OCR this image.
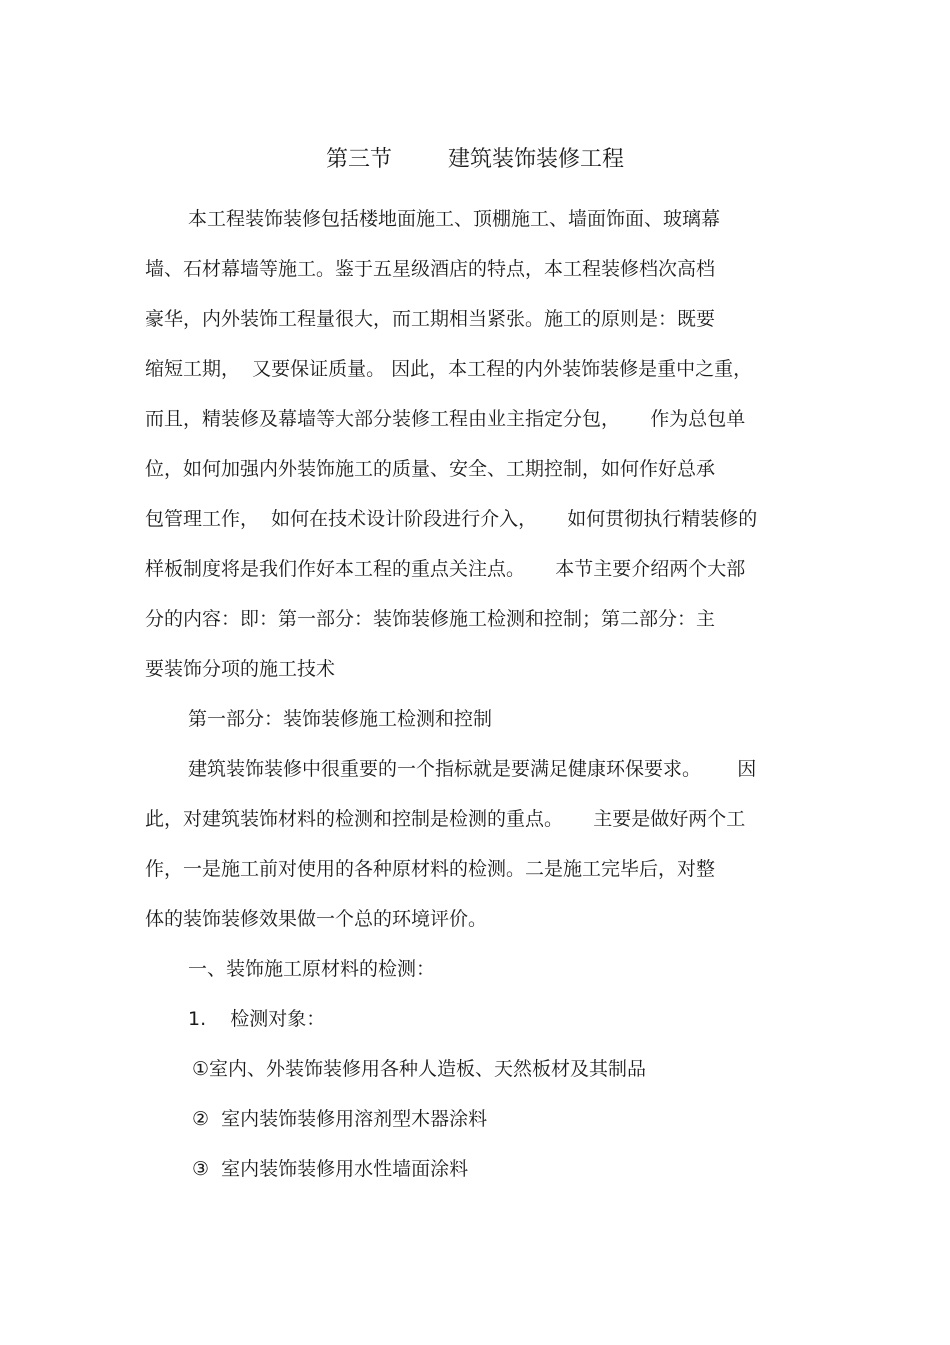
第三节        建筑装饰装修工程
本工程装饰装修包括楼地面施工、顶棚施工、墙面饰面、玻璃幕
墙、石材幕墙等施工。鉴于五星级酒店的特点，本工程装修档次高档
豪华，内外装饰工程量很大，而工期相当紧张。施工的原则是：既要
缩短工期，  又要保证质量。 因此，本工程的内外装饰装修是重中之重，
而且，精装修及幕墙等大部分装修工程由业主指定分包，     作为总包单
位，如何加强内外装饰施工的质量、安全、工期控制，如何作好总承
包管理工作，  如何在技术设计阶段进行介入，     如何贯彻执行精装修的
样板制度将是我们作好本工程的重点关注点。     本节主要介绍两个大部
分的内容：即：第一部分：装饰装修施工检测和控制；第二部分：主
要装饰分项的施工技术
第一部分：装饰装修施工检测和控制
建筑装饰装修中很重要的一个指标就是要满足健康环保要求。      因
此，对建筑装饰材料的检测和控制是检测的重点。     主要是做好两个工
作，一是施工前对使用的各种原材料的检测。二是施工完毕后，对整
体的装饰装修效果做一个总的环境评价。
一、装饰施工原材料的检测：
1.    检测对象：
①室内、外装饰装修用各种人造板、天然板材及其制品
②  室内装饰装修用溶剂型木器涂料
③  室内装饰装修用水性墙面涂料
